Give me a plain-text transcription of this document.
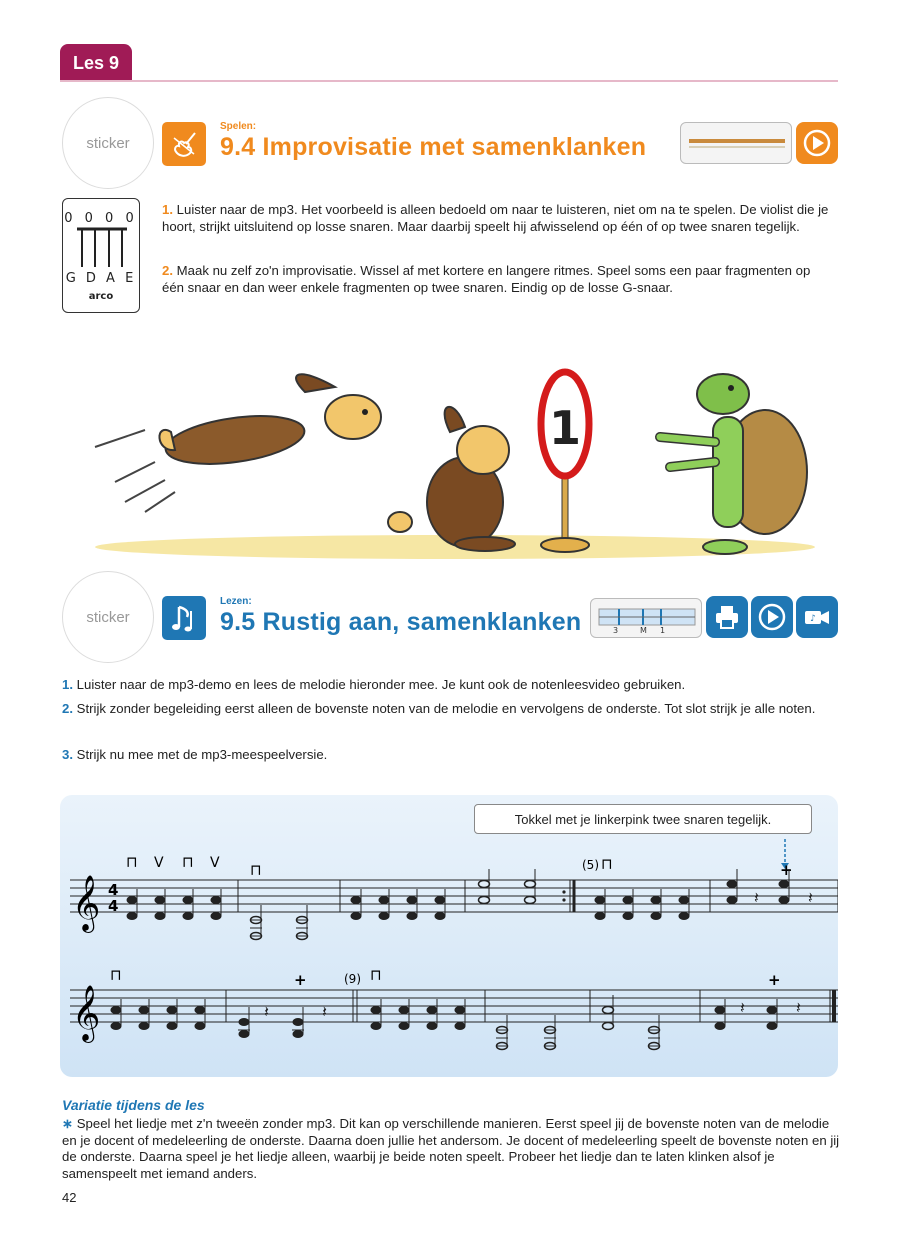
Les 9
sticker
Spelen:
9.4 Improvisatie met samenklanken
0 0 0 0
G D A E
arco
1. Luister naar de mp3. Het voorbeeld is alleen bedoeld om naar te luisteren, niet om na te spelen. De violist die je hoort, strijkt uitsluitend op losse snaren. Maar daarbij speelt hij afwisselend op één of op twee snaren tegelijk.
2. Maak nu zelf zo'n improvisatie. Wissel af met kortere en langere ritmes. Speel soms een paar fragmenten op één snaar en dan weer enkele fragmenten op twee snaren. Eindig op de losse G-snaar.
1
sticker
Lezen:
9.5 Rustig aan, samenklanken	3	M 1
♪
1. Luister naar de mp3-demo en lees de melodie hieronder mee. Je kunt ook de notenleesvideo gebruiken.
2. Strijk zonder begeleiding eerst alleen de bovenste noten van de melodie en vervolgens de onderste. Tot slot strijk je alle noten.
3. Strijk nu mee met de mp3-meespeelversie.
Tokkel met je linkerpink twee snaren tegelijk.
𝄞
𝄞
4
4
(5)
(9)
⊓ V ⊓ V ⊓	⊓	+
⊓	+	⊓	+
𝄽	𝄽
𝄽	𝄽	𝄽	𝄽
Variatie tijdens de les
∗ Speel het liedje met z'n tweeën zonder mp3. Dit kan op verschillende manieren. Eerst speel jij de bovenste noten van de melodie en je docent of medeleerling de onderste. Daarna doen jullie het andersom. Je docent of medeleerling speelt de bovenste noten en jij de onderste. Daarna speel je het liedje alleen, waarbij je beide noten speelt. Probeer het liedje dan te laten klinken alsof je samenspeelt met iemand anders.
42
